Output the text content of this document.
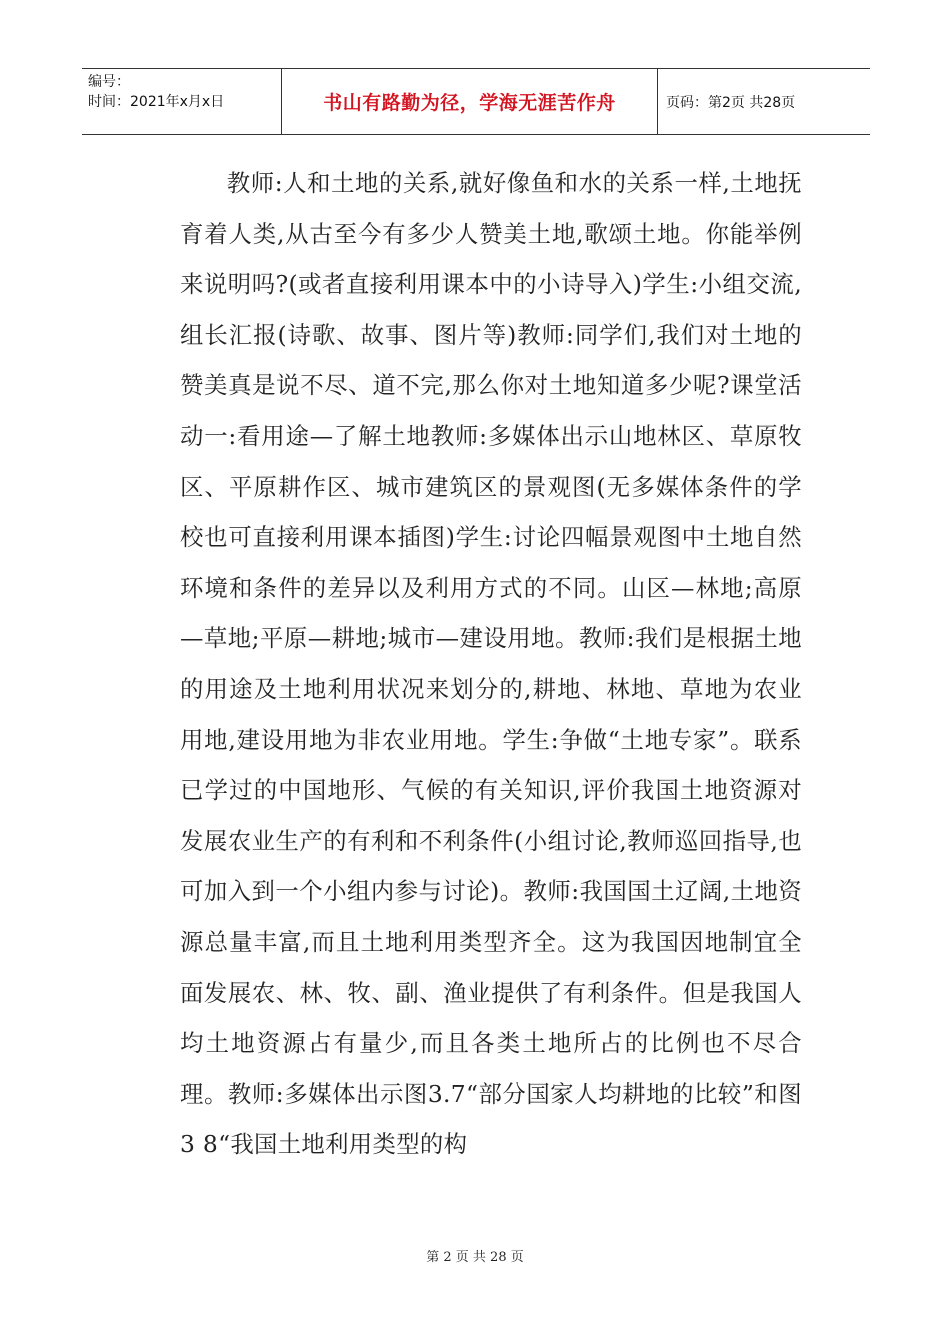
编号：
时间：2021年x月x日	书山有路勤为径，学海无涯苦作舟	页码：第2页 共28页

教师:人和土地的关系,就好像鱼和水的关系一样,土地抚育着人类,从古至今有多少人赞美土地,歌颂土地。你能举例来说明吗?(或者直接利用课本中的小诗导入)学生:小组交流,组长汇报(诗歌、故事、图片等)教师:同学们,我们对土地的赞美真是说不尽、道不完,那么你对土地知道多少呢?课堂活动一:看用途—了解土地教师:多媒体出示山地林区、草原牧区、平原耕作区、城市建筑区的景观图(无多媒体条件的学校也可直接利用课本插图)学生:讨论四幅景观图中土地自然环境和条件的差异以及利用方式的不同。山区—林地;高原—草地;平原—耕地;城市—建设用地。教师:我们是根据土地的用途及土地利用状况来划分的,耕地、林地、草地为农业用地,建设用地为非农业用地。学生:争做“土地专家”。联系已学过的中国地形、气候的有关知识,评价我国土地资源对发展农业生产的有利和不利条件(小组讨论,教师巡回指导,也可加入到一个小组内参与讨论)。教师:我国国土辽阔,土地资源总量丰富,而且土地利用类型齐全。这为我国因地制宜全面发展农、林、牧、副、渔业提供了有利条件。但是我国人均土地资源占有量少,而且各类土地所占的比例也不尽合理。教师:多媒体出示图3.7“部分国家人均耕地的比较”和图3 8“我国土地利用类型的构

第 2 页 共 28 页
